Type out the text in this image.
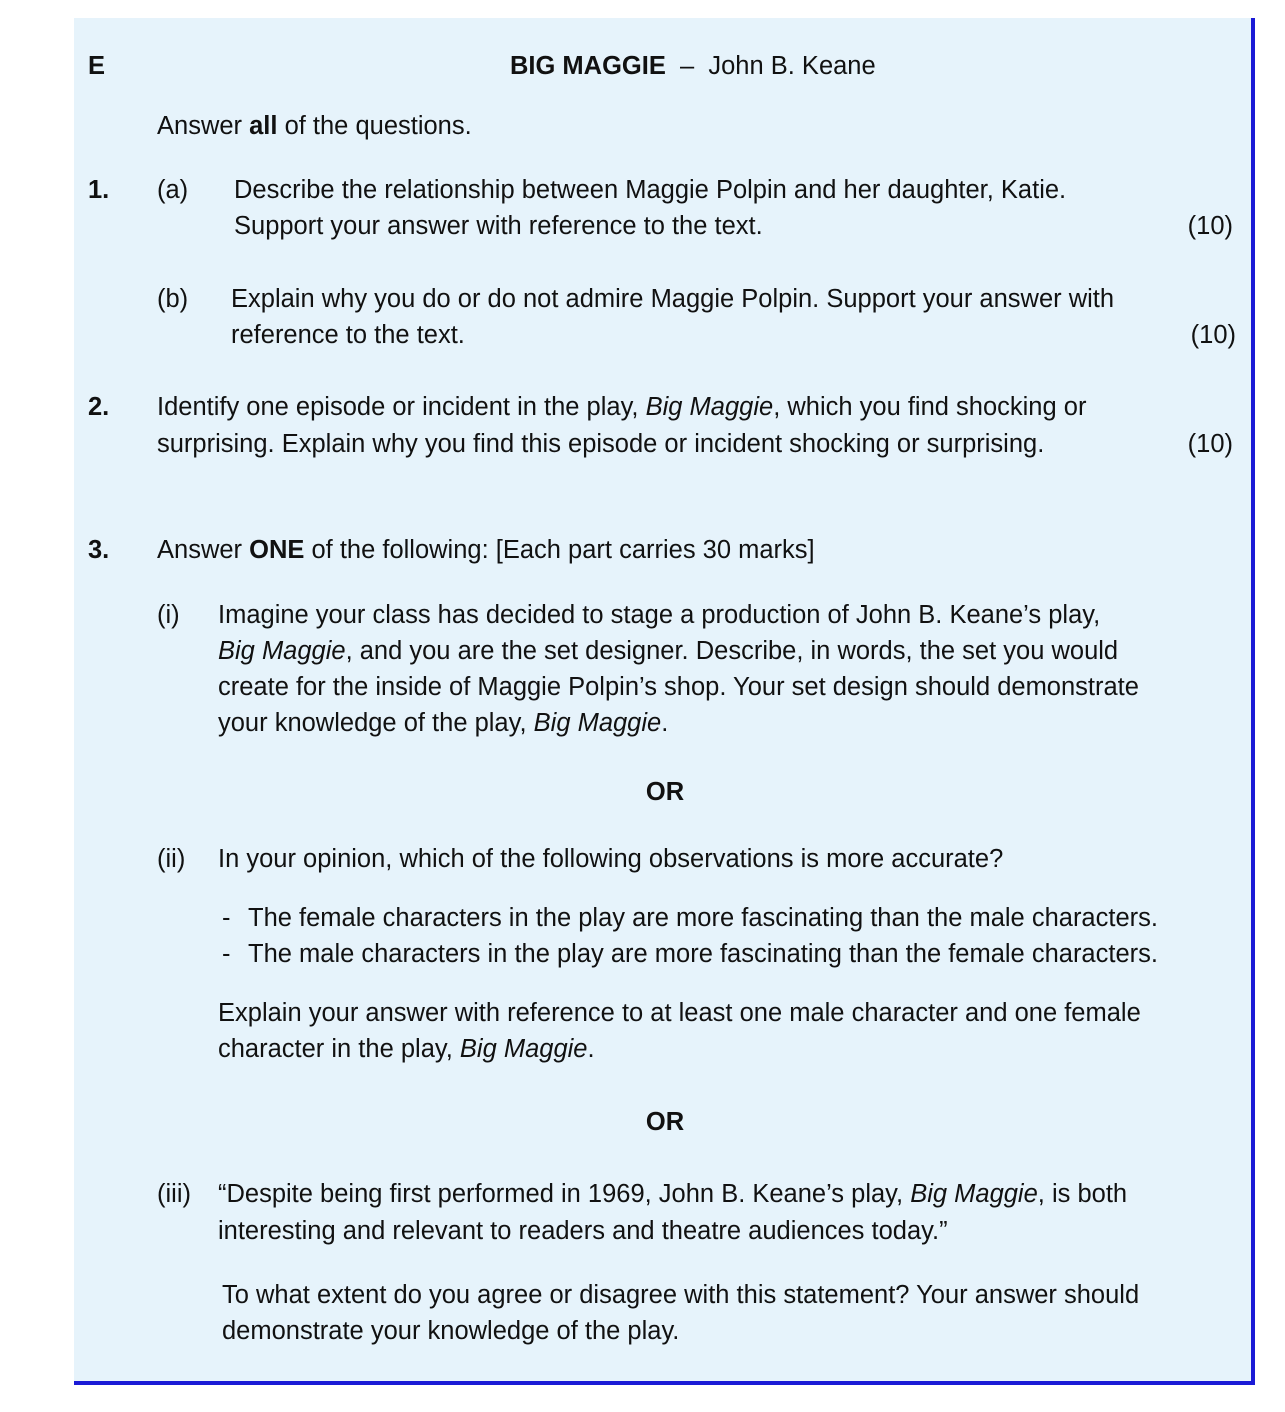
E	BIG MAGGIE – John B. Keane
Answer all of the questions.
1. (a) Describe the relationship between Maggie Polpin and her daughter, Katie.
Support your answer with reference to the text.	(10)
(b) Explain why you do or do not admire Maggie Polpin. Support your answer with
reference to the text.	(10)
2. Identify one episode or incident in the play, Big Maggie, which you find shocking or
surprising. Explain why you find this episode or incident shocking or surprising.	(10)
3. Answer ONE of the following: [Each part carries 30 marks]
(i) Imagine your class has decided to stage a production of John B. Keane’s play,
Big Maggie, and you are the set designer. Describe, in words, the set you would
create for the inside of Maggie Polpin’s shop. Your set design should demonstrate
your knowledge of the play, Big Maggie.
OR
(ii) In your opinion, which of the following observations is more accurate?
- The female characters in the play are more fascinating than the male characters.
- The male characters in the play are more fascinating than the female characters.
Explain your answer with reference to at least one male character and one female
character in the play, Big Maggie.
OR
(iii) “Despite being first performed in 1969, John B. Keane’s play, Big Maggie, is both
interesting and relevant to readers and theatre audiences today.”
To what extent do you agree or disagree with this statement? Your answer should
demonstrate your knowledge of the play.
